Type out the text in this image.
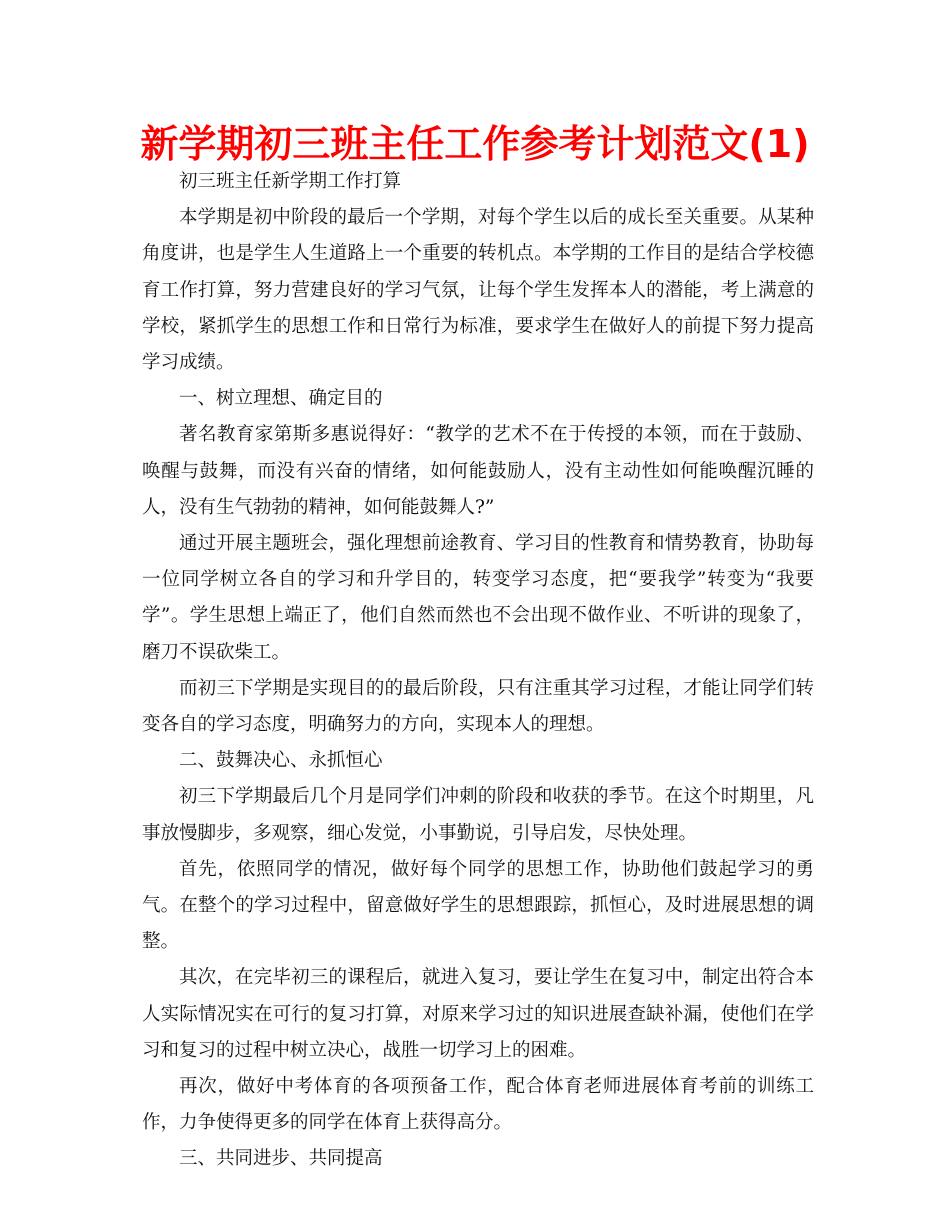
新学期初三班主任工作参考计划范文(1)

初三班主任新学期工作打算

本学期是初中阶段的最后一个学期，对每个学生以后的成长至关重要。从某种角度讲，也是学生人生道路上一个重要的转机点。本学期的工作目的是结合学校德育工作打算，努力营建良好的学习气氛，让每个学生发挥本人的潜能，考上满意的学校，紧抓学生的思想工作和日常行为标准，要求学生在做好人的前提下努力提高学习成绩。

一、树立理想、确定目的

著名教育家第斯多惠说得好：“教学的艺术不在于传授的本领，而在于鼓励、唤醒与鼓舞，而没有兴奋的情绪，如何能鼓励人，没有主动性如何能唤醒沉睡的人，没有生气勃勃的精神，如何能鼓舞人?”

通过开展主题班会，强化理想前途教育、学习目的性教育和情势教育，协助每一位同学树立各自的学习和升学目的，转变学习态度，把“要我学”转变为“我要学”。学生思想上端正了，他们自然而然也不会出现不做作业、不听讲的现象了，磨刀不误砍柴工。

而初三下学期是实现目的的最后阶段，只有注重其学习过程，才能让同学们转变各自的学习态度，明确努力的方向，实现本人的理想。

二、鼓舞决心、永抓恒心

初三下学期最后几个月是同学们冲刺的阶段和收获的季节。在这个时期里，凡事放慢脚步，多观察，细心发觉，小事勤说，引导启发，尽快处理。

首先，依照同学的情况，做好每个同学的思想工作，协助他们鼓起学习的勇气。在整个的学习过程中，留意做好学生的思想跟踪，抓恒心，及时进展思想的调整。

其次，在完毕初三的课程后，就进入复习，要让学生在复习中，制定出符合本人实际情况实在可行的复习打算，对原来学习过的知识进展查缺补漏，使他们在学习和复习的过程中树立决心，战胜一切学习上的困难。

再次，做好中考体育的各项预备工作，配合体育老师进展体育考前的训练工作，力争使得更多的同学在体育上获得高分。

三、共同进步、共同提高
